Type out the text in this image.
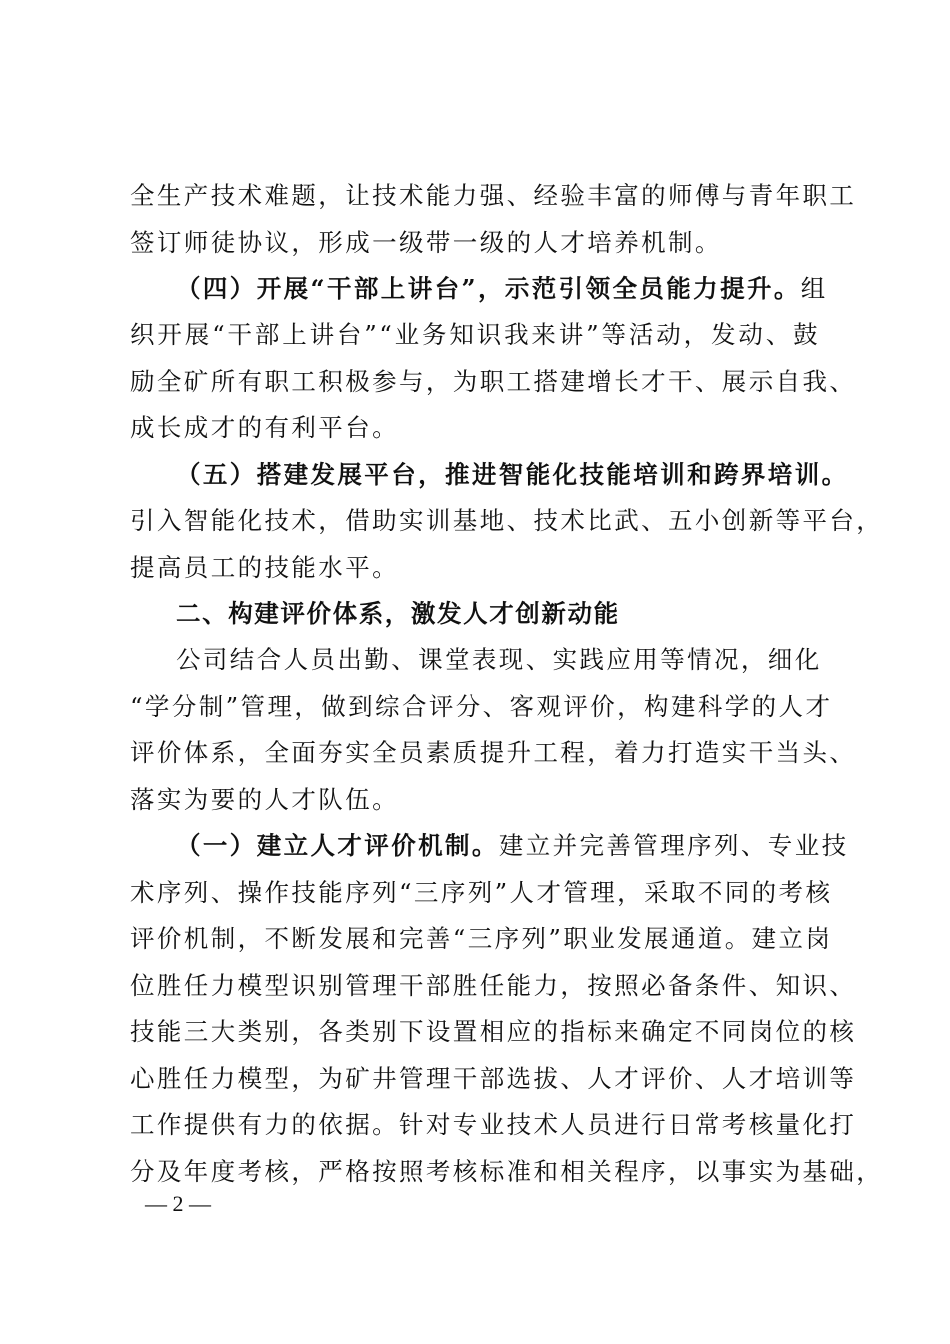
全生产技术难题，让技术能力强、经验丰富的师傅与青年职工
签订师徒协议，形成一级带一级的人才培养机制。
（四）开展“干部上讲台”，示范引领全员能力提升。组
织开展“干部上讲台”“业务知识我来讲”等活动，发动、鼓
励全矿所有职工积极参与，为职工搭建增长才干、展示自我、
成长成才的有利平台。
（五）搭建发展平台，推进智能化技能培训和跨界培训。
引入智能化技术，借助实训基地、技术比武、五小创新等平台，
提高员工的技能水平。
二、构建评价体系，激发人才创新动能
公司结合人员出勤、课堂表现、实践应用等情况，细化
“学分制”管理，做到综合评分、客观评价，构建科学的人才
评价体系，全面夯实全员素质提升工程，着力打造实干当头、
落实为要的人才队伍。
（一）建立人才评价机制。建立并完善管理序列、专业技
术序列、操作技能序列“三序列”人才管理，采取不同的考核
评价机制，不断发展和完善“三序列”职业发展通道。建立岗
位胜任力模型识别管理干部胜任能力，按照必备条件、知识、
技能三大类别，各类别下设置相应的指标来确定不同岗位的核
心胜任力模型，为矿井管理干部选拔、人才评价、人才培训等
工作提供有力的依据。针对专业技术人员进行日常考核量化打
分及年度考核，严格按照考核标准和相关程序，以事实为基础，
— 2 —
